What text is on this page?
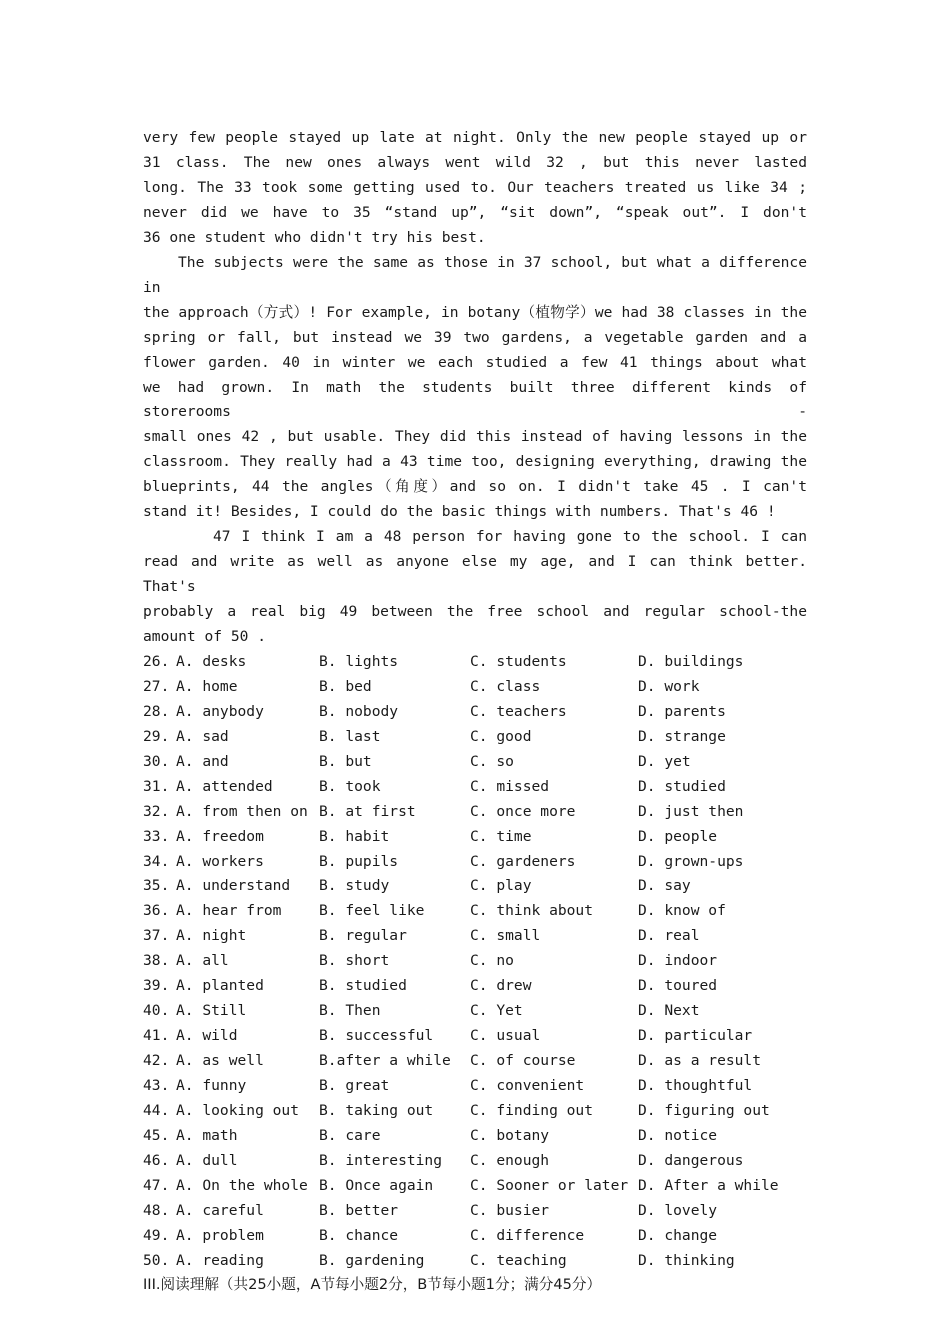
very few people stayed up late at night. Only the new people stayed up or
31 class. The new ones always went wild 32 , but this never lasted
long. The 33 took some getting used to. Our teachers treated us like 34 ;
never did we have to 35 “stand up”, “sit down”, “speak out”. I don't
36 one student who didn't try his best.
The subjects were the same as those in 37 school, but what a difference in
the approach（方式）! For example, in botany（植物学）we had 38 classes in the
spring or fall, but instead we 39 two gardens, a vegetable garden and a
flower garden. 40 in winter we each studied a few 41 things about what
we had grown. In math the students built three different kinds of storerooms -
small ones 42 , but usable. They did this instead of having lessons in the
classroom. They really had a 43 time too, designing everything, drawing the
blueprints, 44 the angles（角度）and so on. I didn't take 45 . I can't
stand it! Besides, I could do the basic things with numbers. That's 46 !
47 I think I am a 48 person for having gone to the school. I can
read and write as well as anyone else my age, and I can think better. That's
probably a real big 49 between the free school and regular school-the
amount of 50 .
26. A. desks	B. lights	C. students	D. buildings
27. A. home	B. bed	C. class	D. work
28. A. anybody	B. nobody	C. teachers	D. parents
29. A. sad	B. last	C. good	D. strange
30. A. and	B. but	C. so	D. yet
31. A. attended	B. took	C. missed	D. studied
32. A. from then on B. at first	C. once more	D. just then
33. A. freedom	B. habit	C. time	D. people
34. A. workers	B. pupils	C. gardeners	D. grown-ups
35. A. understand B. study	C. play	D. say
36. A. hear from	B. feel like	C. think about	D. know of
37. A. night	B. regular	C. small	D. real
38. A. all	B. short	C. no	D. indoor
39. A. planted	B. studied	C. drew	D. toured
40. A. Still	B. Then	C. Yet	D. Next
41. A. wild	B. successful	C. usual	D. particular
42. A. as well	B.after a while C. of course	D. as a result
43. A. funny	B. great	C. convenient	D. thoughtful
44. A. looking out B. taking out	C. finding out	D. figuring out
45. A. math	B. care	C. botany	D. notice
46. A. dull	B. interesting C. enough	D. dangerous
47. A. On the whole B. Once again	C. Sooner or later D. After a while
48. A. careful	B. better	C. busier	D. lovely
49. A. problem	B. chance	C. difference	D. change
50. A. reading	B. gardening	C. teaching	D. thinking
III.阅读理解（共25小题，A节每小题2分，B节每小题1分；满分45分）
